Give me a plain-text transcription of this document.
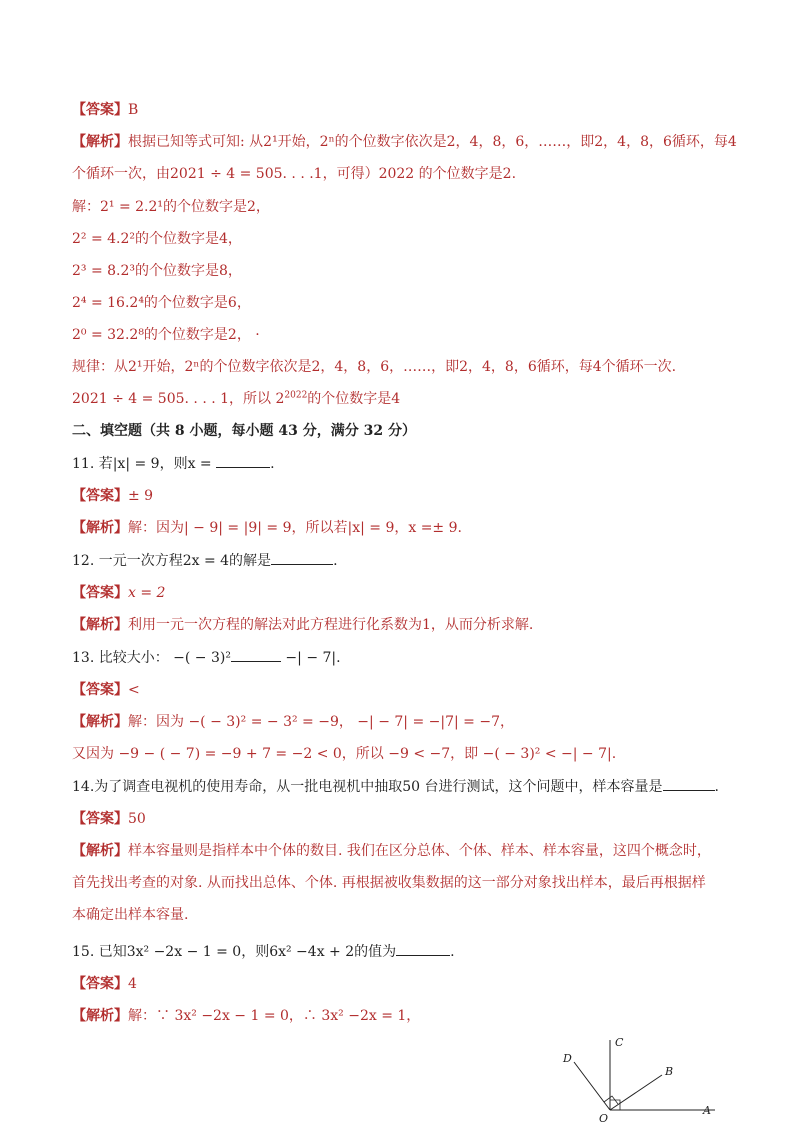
【答案】B
【解析】根据已知等式可知: 从2¹开始，2ⁿ的个位数字依次是2，4，8，6，……，即2，4，8，6循环，每4
个循环一次，由2021 ÷ 4 = 505. . . .1，可得）2022 的个位数字是2.
解：2¹ = 2.2¹的个位数字是2，
2² = 4.2²的个位数字是4，
2³ = 8.2³的个位数字是8，
2⁴ = 16.2⁴的个位数字是6，
2⁰ = 32.2⁸的个位数字是2， ·
规律：从2¹开始，2ⁿ的个位数字依次是2，4，8，6，……，即2，4，8，6循环，每4个循环一次.
2021 ÷ 4 = 505. . . . 1，所以 $2^{2022}$的个位数字是4
二、填空题（共 8 小题，每小题 43 分，满分 32 分）
11. 若|x| = 9，则x =	.
【答案】± 9
【解析】解：因为| − 9| = |9| = 9，所以若|x| = 9，x =± 9.
12. 一元一次方程2x = 4的解是	.
【答案】x = 2
【解析】利用一元一次方程的解法对此方程进行化系数为1，从而分析求解.
13. 比较大小： −( − 3)²	−| − 7|.
【答案】<
【解析】解：因为 −( − 3)² = − 3² = −9， −| − 7| = −|7| = −7，
又因为 −9 − ( − 7) = −9 + 7 = −2 < 0，所以 −9 < −7，即 −( − 3)² < −| − 7|.
14.为了调查电视机的使用寿命，从一批电视机中抽取50 台进行测试，这个问题中，样本容量是	.
【答案】50
【解析】样本容量则是指样本中个体的数目. 我们在区分总体、个体、样本、样本容量，这四个概念时，
首先找出考查的对象. 从而找出总体、个体. 再根据被收集数据的这一部分对象找出样本，最后再根据样
本确定出样本容量.
15. 已知3x² −2x − 1 = 0，则6x² −4x + 2的值为	.
【答案】4
【解析】解：∵ 3x² −2x − 1 = 0，∴ 3x² −2x = 1，
D
C
B
O
A
